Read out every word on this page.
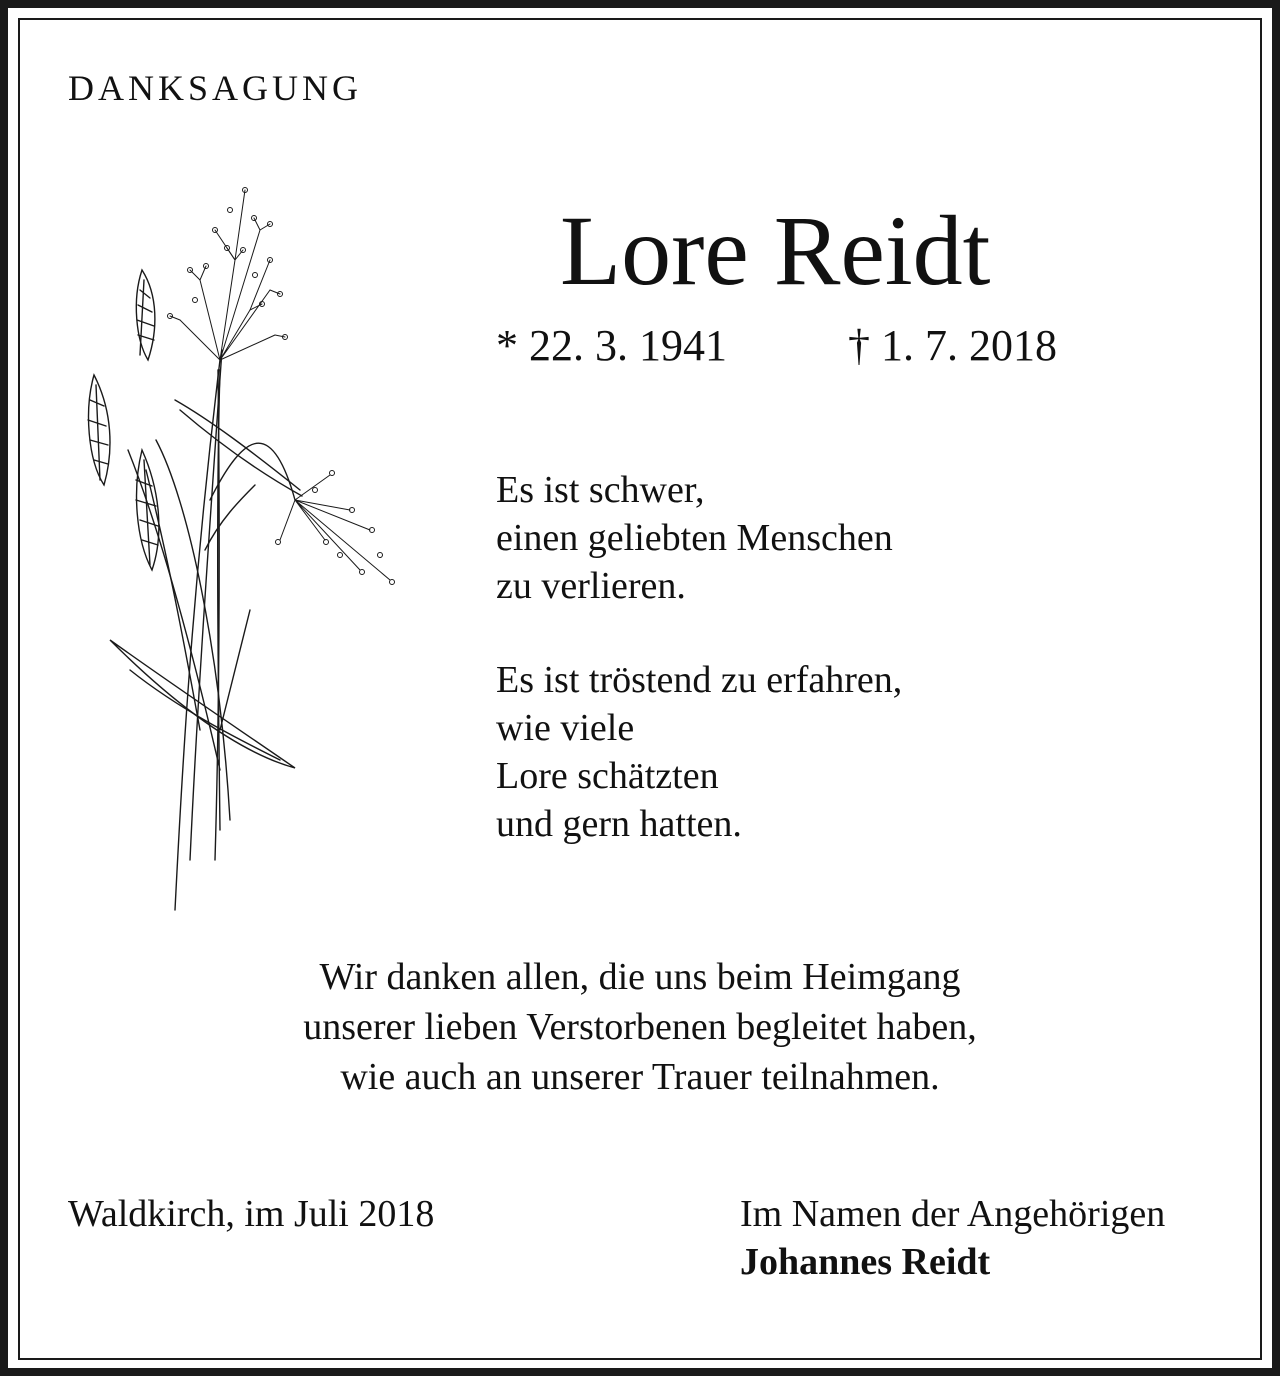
DANKSAGUNG
Lore Reidt
* 22. 3. 1941	† 1. 7. 2018
Es ist schwer,
einen geliebten Menschen
zu verlieren.
Es ist tröstend zu erfahren,
wie viele
Lore schätzten
und gern hatten.
Wir danken allen, die uns beim Heimgang
unserer lieben Verstorbenen begleitet haben,
wie auch an unserer Trauer teilnahmen.
Waldkirch, im Juli 2018	Im Namen der Angehörigen
Johannes Reidt
